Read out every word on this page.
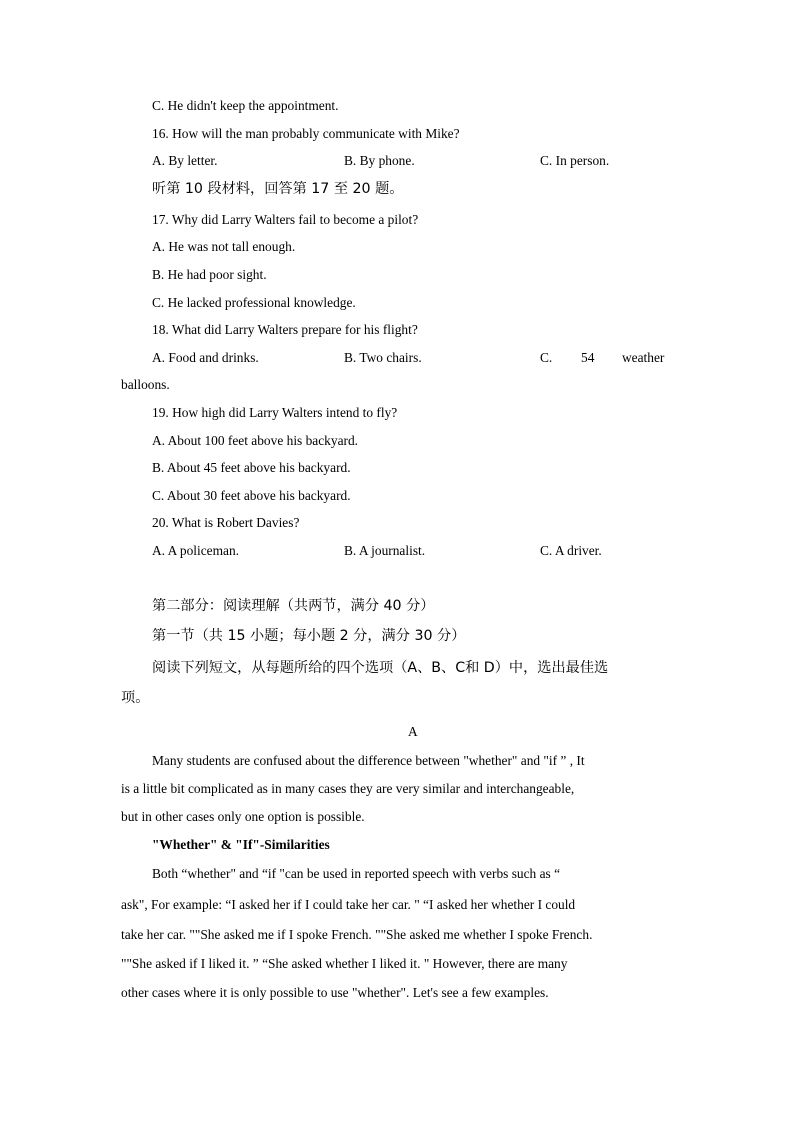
C. He didn't keep the appointment.
16. How will the man probably communicate with Mike?
A. By letter.	B. By phone.	C. In person.
听第 10 段材料，回答第 17 至 20 题。
17. Why did Larry Walters fail to become a pilot?
A. He was not tall enough.
B. He had poor sight.
C. He lacked professional knowledge.
18. What did Larry Walters prepare for his flight?
A. Food and drinks.	B. Two chairs.	C. 54 weather
balloons.
19. How high did Larry Walters intend to fly?
A. About 100 feet above his backyard.
B. About 45 feet above his backyard.
C. About 30 feet above his backyard.
20. What is Robert Davies?
A. A policeman.	B. A journalist.	C. A driver.
第二部分：阅读理解（共两节，满分 40 分）
第一节（共 15 小题；每小题 2 分，满分 30 分）
阅读下列短文，从每题所给的四个选项（A、B、C和 D）中，选出最佳选
项。
A
Many students are confused about the difference between "whether" and "if ” , It
is a little bit complicated as in many cases they are very similar and interchangeable,
but in other cases only one option is possible.
"Whether" & "If"-Similarities
Both “whether" and “if "can be used in reported speech with verbs such as “
ask", For example: “I asked her if I could take her car. " “I asked her whether I could
take her car. ""She asked me if I spoke French. ""She asked me whether I spoke French.
""She asked if I liked it. ” “She asked whether I liked it. " However, there are many
other cases where it is only possible to use "whether". Let's see a few examples.
